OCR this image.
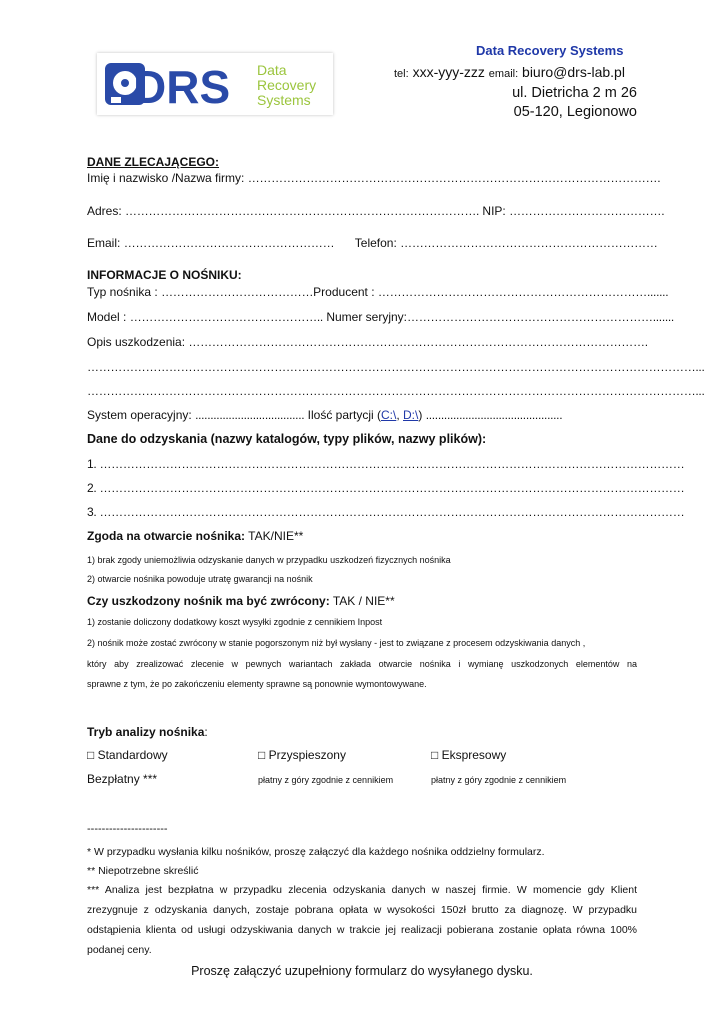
DRS Data
Recovery
Systems
Data Recovery Systems
tel: xxx-yyy-zzz email: biuro@drs-lab.pl
ul. Dietricha 2 m 26
05-120, Legionowo
DANE ZLECAJĄCEGO:
Imię i nazwisko /Nazwa firmy: …………………………………………………………………………………………….
Adres: ………………………………………………………………………………. NIP: ………………………………….
Email: ……………………………………………… Telefon: …………………………………………………………
INFORMACJE O NOŚNIKU:
Typ nośnika : …………………………………Producent : …………………………………………………………….......
Model : ………………………………………….. Numer seryjny:……………………………………………………….......
Opis uszkodzenia: ……………………………………………………………………………………………………….
…………………………………………………………………………………………………………………………………………...
…………………………………………………………………………………………………………………………………………...
System operacyjny: .................................... Ilość partycji (C:\, D:\) .............................................
Dane do odzyskania (nazwy katalogów, typy plików, nazwy plików):
1. ……………………………………………………………………………………………………………………………………
2. ……………………………………………………………………………………………………………………………………
3. ……………………………………………………………………………………………………………………………………
Zgoda na otwarcie nośnika: TAK/NIE**
1) brak zgody uniemożliwia odzyskanie danych w przypadku uszkodzeń fizycznych nośnika
2) otwarcie nośnika powoduje utratę gwarancji na nośnik
Czy uszkodzony nośnik ma być zwrócony: TAK / NIE**
1) zostanie doliczony dodatkowy koszt wysyłki zgodnie z cennikiem Inpost
2) nośnik może zostać zwrócony w stanie pogorszonym niż był wysłany - jest to związane z procesem odzyskiwania danych ,
który aby zrealizować zlecenie w pewnych wariantach zakłada otwarcie nośnika i wymianę uszkodzonych elementów na
sprawne z tym, że po zakończeniu elementy sprawne są ponownie wymontowywane.
Tryb analizy nośnika:
□ Standardowy	□ Przyspieszony	□ Ekspresowy
Bezpłatny ***	płatny z góry zgodnie z cennikiem	płatny z góry zgodnie z cennikiem
----------------------
* W przypadku wysłania kilku nośników, proszę załączyć dla każdego nośnika oddzielny formularz.
** Niepotrzebne skreślić
*** Analiza jest bezpłatna w przypadku zlecenia odzyskania danych w naszej firmie. W momencie gdy Klient
zrezygnuje z odzyskania danych, zostaje pobrana opłata w wysokości 150zł brutto za diagnozę. W przypadku
odstąpienia klienta od usługi odzyskiwania danych w trakcie jej realizacji pobierana zostanie opłata równa 100%
podanej ceny.
Proszę załączyć uzupełniony formularz do wysyłanego dysku.
